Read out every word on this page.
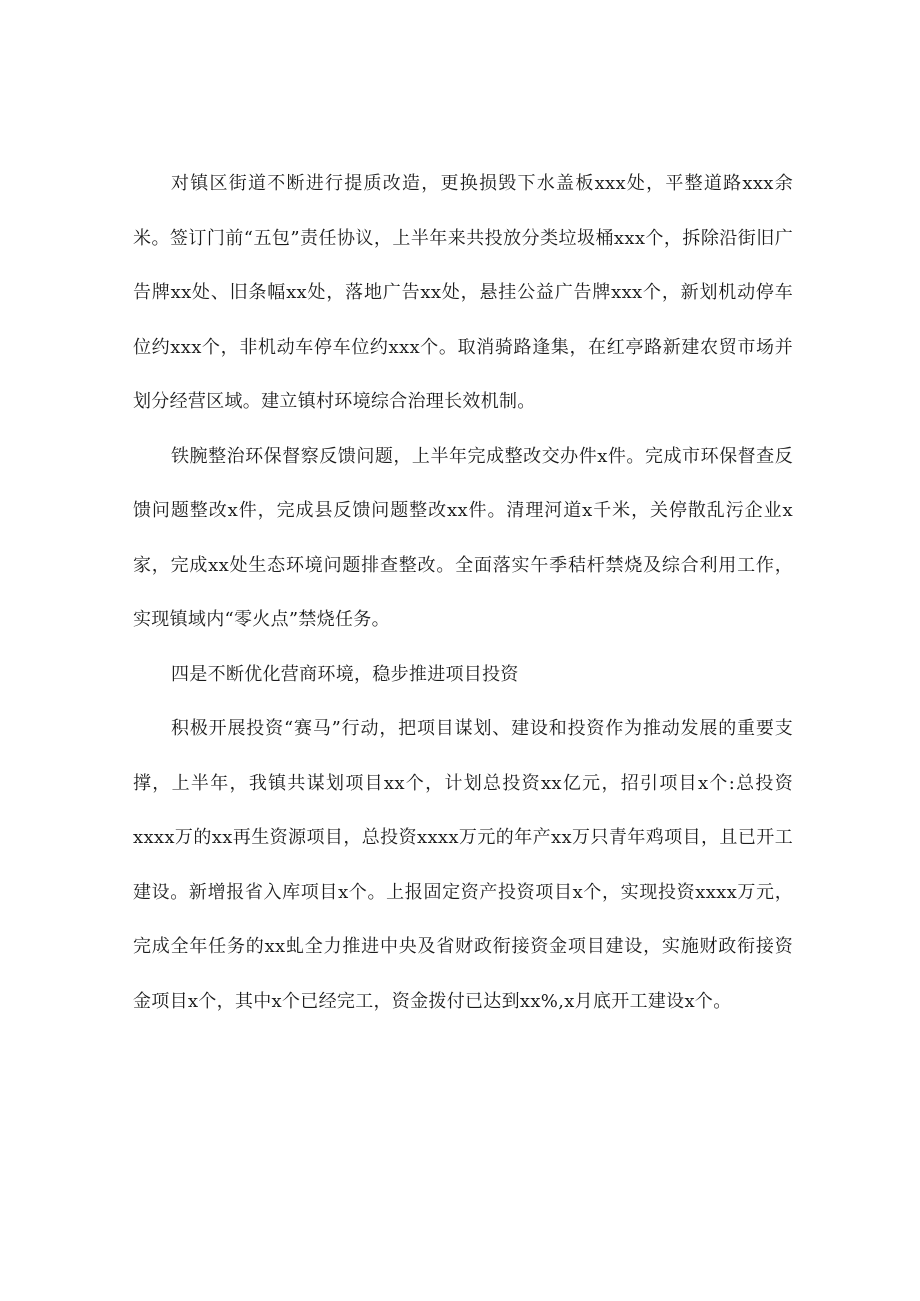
对镇区街道不断进行提质改造，更换损毁下水盖板xxx处，平整道路xxx余米。签订门前“五包”责任协议，上半年来共投放分类垃圾桶xxx个，拆除沿街旧广告牌xx处、旧条幅xx处，落地广告xx处，悬挂公益广告牌xxx个，新划机动停车位约xxx个，非机动车停车位约xxx个。取消骑路逢集，在红亭路新建农贸市场并划分经营区域。建立镇村环境综合治理长效机制。

铁腕整治环保督察反馈问题，上半年完成整改交办件x件。完成市环保督查反馈问题整改x件，完成县反馈问题整改xx件。清理河道x千米，关停散乱污企业x家，完成xx处生态环境问题排查整改。全面落实午季秸杆禁烧及综合利用工作，实现镇域内“零火点”禁烧任务。

四是不断优化营商环境，稳步推进项目投资

积极开展投资“赛马”行动，把项目谋划、建设和投资作为推动发展的重要支撑，上半年，我镇共谋划项目xx个，计划总投资xx亿元，招引项目x个:总投资xxxx万的xx再生资源项目，总投资xxxx万元的年产xx万只青年鸡项目，且已开工建设。新增报省入库项目x个。上报固定资产投资项目x个，实现投资xxxx万元，完成全年任务的xx虬全力推进中央及省财政衔接资金项目建设，实施财政衔接资金项目x个，其中x个已经完工，资金拨付已达到xx%,x月底开工建设x个。
